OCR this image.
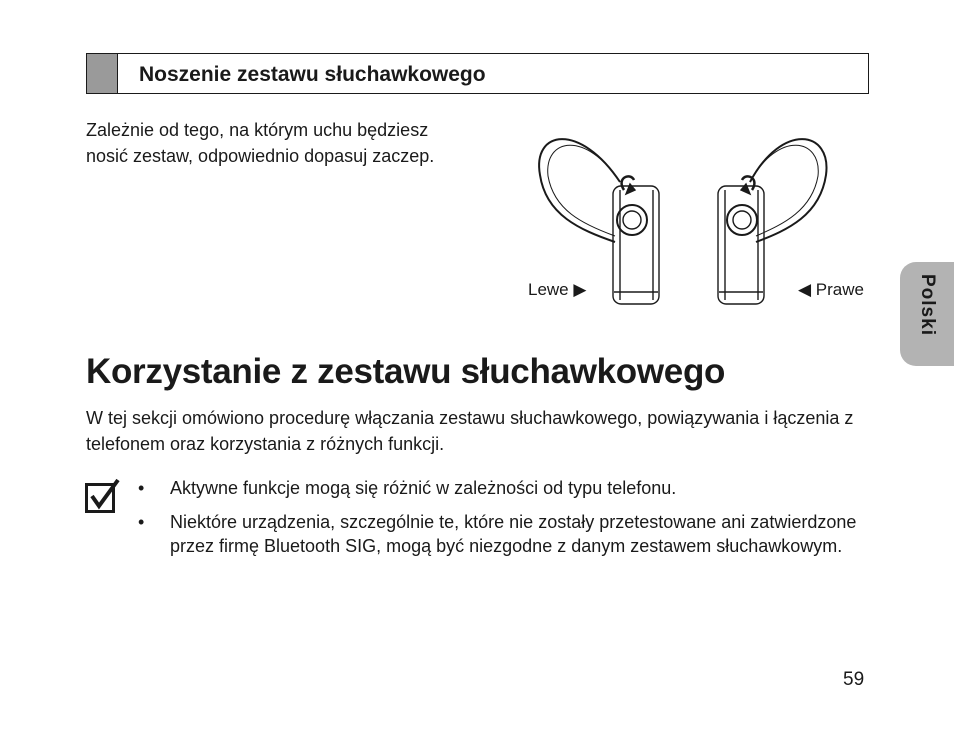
Noszenie zestawu słuchawkowego

Zależnie od tego, na którym uchu będziesz nosić zestaw, odpowiednio dopasuj zaczep.

Lewe ▶	◀ Prawe
Korzystanie z zestawu słuchawkowego

W tej sekcji omówiono procedurę włączania zestawu słuchawkowego, powiązywania i łączenia z telefonem oraz korzystania z różnych funkcji.

• Aktywne funkcje mogą się różnić w zależności od typu telefonu.
• Niektóre urządzenia, szczególnie te, które nie zostały przetestowane ani zatwierdzone przez firmę Bluetooth SIG, mogą być niezgodne z danym zestawem słuchawkowym.
Polski
59
